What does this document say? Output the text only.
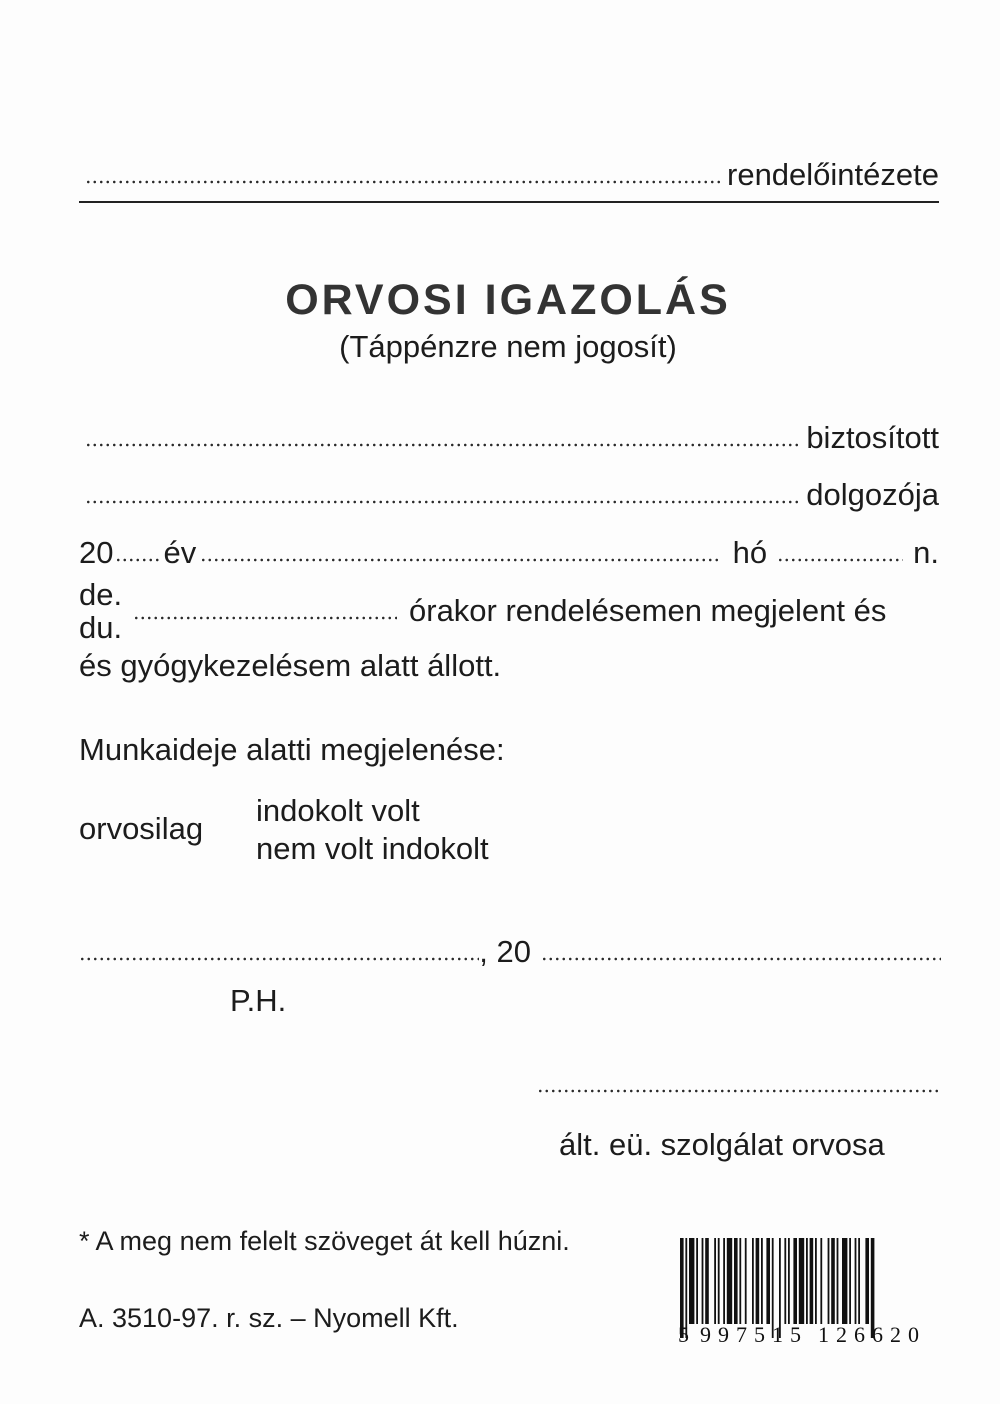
rendelőintézete
ORVOSI IGAZOLÁS
(Táppénzre nem jogosít)
biztosított
dolgozója
20 év	hó	n.
de.
du.	órakor rendelésemen megjelent és
és gyógykezelésem alatt állott.
Munkaideje alatti megjelenése:
orvosilag
indokolt volt
nem volt indokolt
, 20
P.H.
ált. eü. szolgálat orvosa
* A meg nem felelt szöveget át kell húzni.
A. 3510-97. r. sz. – Nyomell Kft.
5 9 9 7 5 1 5 1 2 6 6 2 0
